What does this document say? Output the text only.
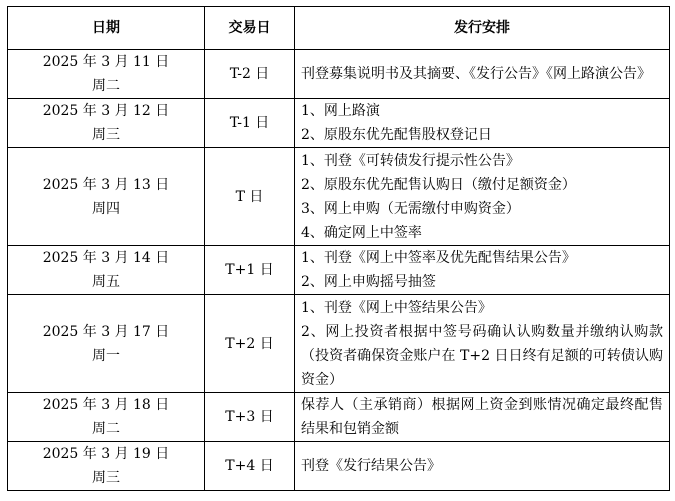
日期	交易日	发行安排

2025 年 3 月 11 日
周二	T-2 日	刊登募集说明书及其摘要、《发行公告》《网上路演公告》

2025 年 3 月 12 日
周三	T-1 日	1、网上路演
2、原股东优先配售股权登记日

2025 年 3 月 13 日
周四	T 日	1、刊登《可转债发行提示性公告》
2、原股东优先配售认购日（缴付足额资金）
3、网上申购（无需缴付申购资金）
4、确定网上中签率

2025 年 3 月 14 日
周五	T+1 日	1、刊登《网上中签率及优先配售结果公告》
2、网上申购摇号抽签

2025 年 3 月 17 日
周一	T+2 日	1、刊登《网上中签结果公告》
2、网上投资者根据中签号码确认认购数量并缴纳认购款（投资者确保资金账户在 T+2 日日终有足额的可转债认购资金）

2025 年 3 月 18 日
周二	T+3 日	保荐人（主承销商）根据网上资金到账情况确定最终配售结果和包销金额

2025 年 3 月 19 日
周三	T+4 日	刊登《发行结果公告》
